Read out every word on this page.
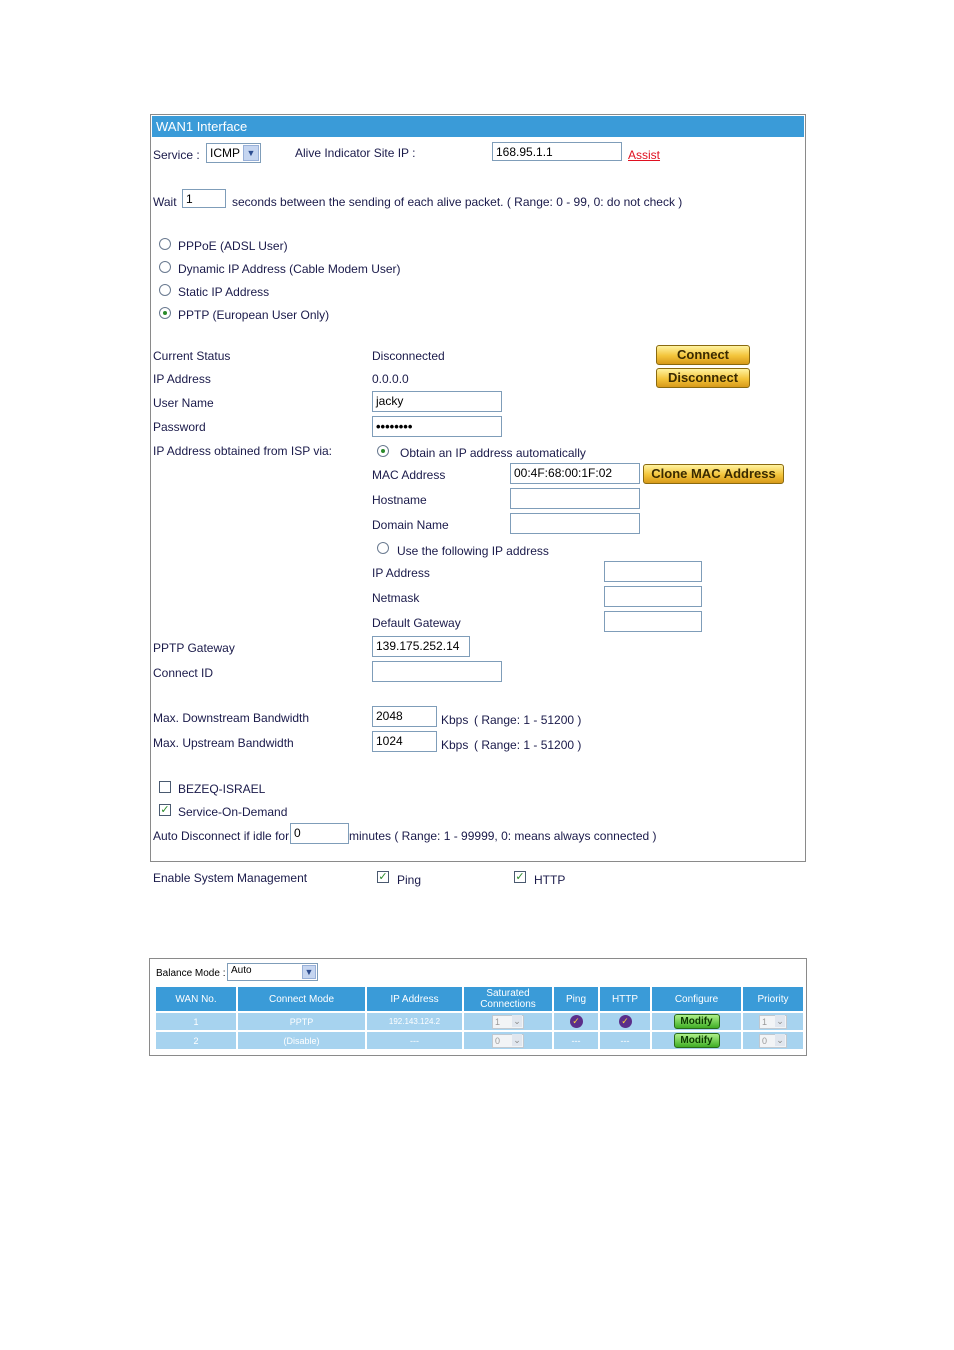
WAN1 Interface
Service : ICMP ▼	Alive Indicator Site IP :	168.95.1.1	Assist
Wait 1	seconds between the sending of each alive packet. ( Range: 0 - 99, 0: do not check )
PPPoE (ADSL User)
Dynamic IP Address (Cable Modem User)
Static IP Address
PPTP (European User Only)
Current Status	Disconnected	Connect
IP Address	0.0.0.0	Disconnect
User Name	jacky
Password	••••••••
IP Address obtained from ISP via:	Obtain an IP address automatically
MAC Address	00:4F:68:00:1F:02	Clone MAC Address
Hostname
Domain Name
Use the following IP address
IP Address
Netmask
Default Gateway
PPTP Gateway	139.175.252.14
Connect ID
Max. Downstream Bandwidth	2048	Kbps ( Range: 1 - 51200 )
Max. Upstream Bandwidth	1024	Kbps ( Range: 1 - 51200 )
BEZEQ-ISRAEL
✓ Service-On-Demand
Auto Disconnect if idle for 0	minutes ( Range: 1 - 99999, 0: means always connected )
Enable System Management	✓ Ping	✓ HTTP
Balance Mode : Auto	▼
WAN No.	Connect Mode	IP Address	Saturated Connections	Ping	HTTP	Configure	Priority
1	PPTP	192.143.124.2	1 ⌄	✓	✓	Modify	1 ⌄
2	(Disable)	---	0 ⌄	---	---	Modify	0 ⌄
